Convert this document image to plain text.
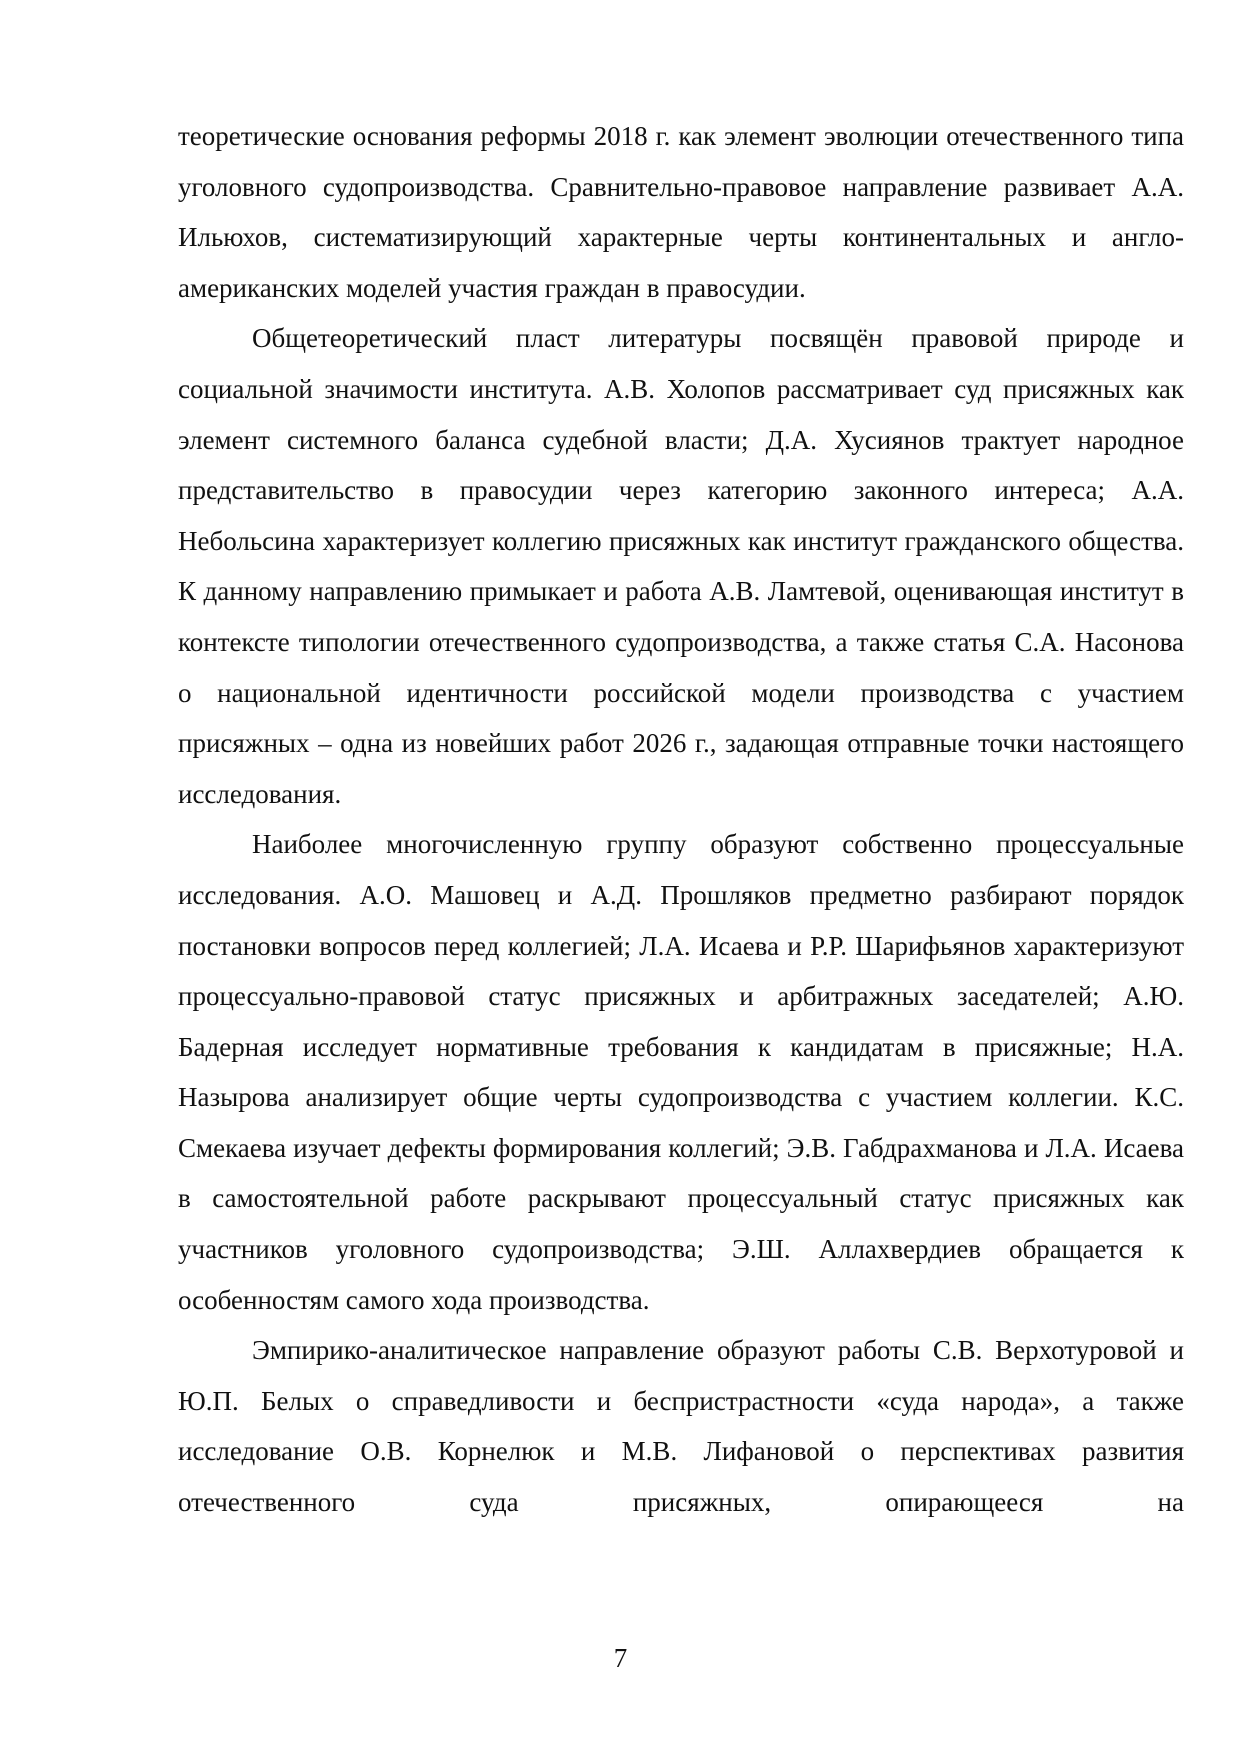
теоретические основания реформы 2018 г. как элемент эволюции отечественного типа уголовного судопроизводства. Сравнительно-правовое направление развивает А.А. Ильюхов, систематизирующий характерные черты континентальных и англо-американских моделей участия граждан в правосудии.

Общетеоретический пласт литературы посвящён правовой природе и социальной значимости института. А.В. Холопов рассматривает суд присяжных как элемент системного баланса судебной власти; Д.А. Хусиянов трактует народное представительство в правосудии через категорию законного интереса; А.А. Небольсина характеризует коллегию присяжных как институт гражданского общества. К данному направлению примыкает и работа А.В. Ламтевой, оценивающая институт в контексте типологии отечественного судопроизводства, а также статья С.А. Насонова о национальной идентичности российской модели производства с участием присяжных – одна из новейших работ 2026 г., задающая отправные точки настоящего исследования.

Наиболее многочисленную группу образуют собственно процессуальные исследования. А.О. Машовец и А.Д. Прошляков предметно разбирают порядок постановки вопросов перед коллегией; Л.А. Исаева и Р.Р. Шарифьянов характеризуют процессуально-правовой статус присяжных и арбитражных заседателей; А.Ю. Бадерная исследует нормативные требования к кандидатам в присяжные; Н.А. Назырова анализирует общие черты судопроизводства с участием коллегии. К.С. Смекаева изучает дефекты формирования коллегий; Э.В. Габдрахманова и Л.А. Исаева в самостоятельной работе раскрывают процессуальный статус присяжных как участников уголовного судопроизводства; Э.Ш. Аллахвердиев обращается к особенностям самого хода производства.

Эмпирико-аналитическое направление образуют работы С.В. Верхотуровой и Ю.П. Белых о справедливости и беспристрастности «суда народа», а также исследование О.В. Корнелюк и М.В. Лифановой о перспективах развития отечественного суда присяжных, опирающееся на

7
